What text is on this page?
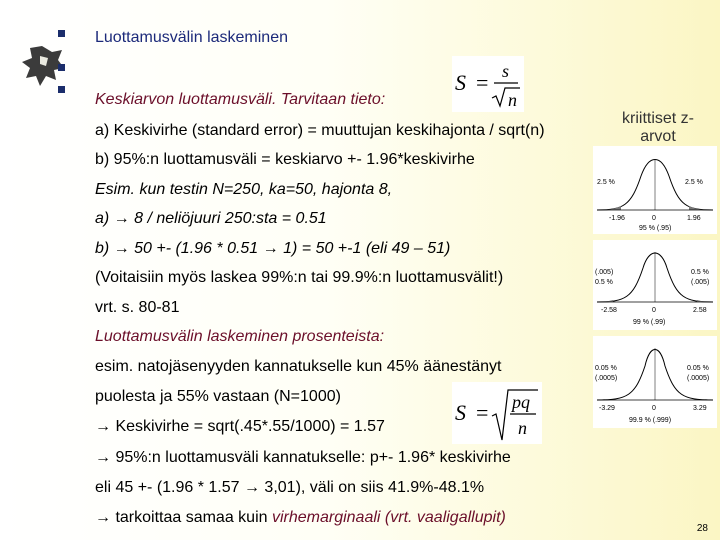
Luottamusvälin laskeminen
Keskiarvon luottamusväli. Tarvitaan tieto:
S = s
n
a) Keskivirhe (standard error) = muuttujan keskihajonta / sqrt(n)
kriittiset z-arvot
b) 95%:n luottamusväli = keskiarvo +- 1.96*keskivirhe
Esim. kun testin N=250, ka=50, hajonta 8,
a) → 8 / neliöjuuri 250:sta = 0.51
b) → 50 +- (1.96 * 0.51 → 1) = 50 +-1 (eli 49 – 51)
(Voitaisiin myös laskea 99%:n tai 99.9%:n luottamusvälit!)
vrt. s. 80-81
Luottamusvälin laskeminen prosenteista:
esim. natojäsenyyden kannatukselle kun 45% äänestänyt
puolesta ja 55% vastaan (N=1000)
S = pq
n
→ Keskivirhe = sqrt(.45*.55/1000) = 1.57
→ 95%:n luottamusväli kannatukselle: p+- 1.96* keskivirhe
eli 45 +- (1.96 * 1.57 → 3,01), väli on siis 41.9%-48.1%
→ tarkoittaa samaa kuin virhemarginaali (vrt. vaaligallupit)
2.5 %	2.5 %
-1.96	0	1.96
95 % (.95)
(.005)
0.5 %
0.5 %
(.005)
-2.58	0	2.58
99 % (.99)
0.05 %
(.0005)
0.05 %
(.0005)
-3.29	0	3.29
99.9 % (.999)
28
